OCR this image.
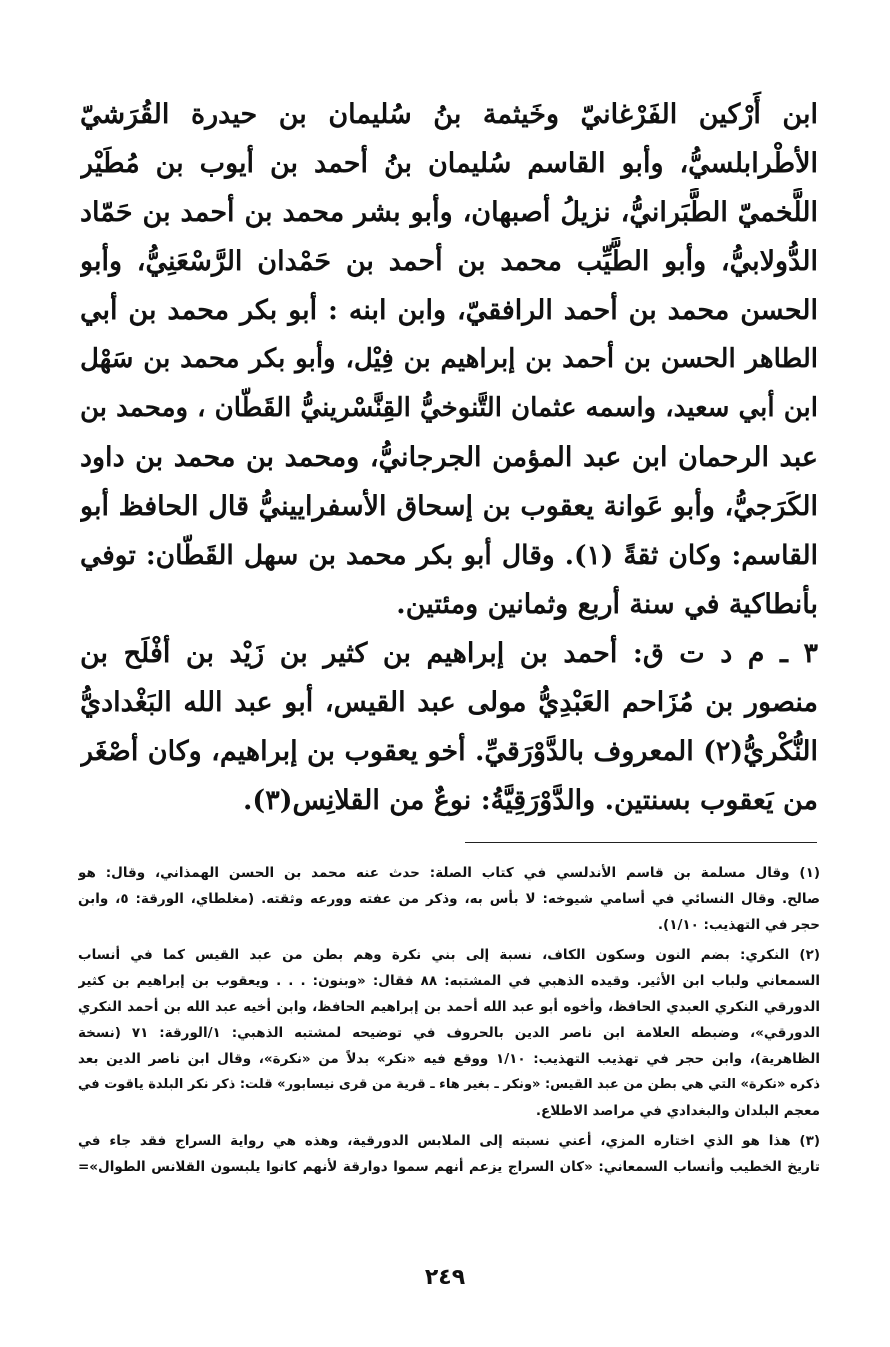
ابن أَرْكين الفَرْغانيّ وخَيثمة بنُ سُليمان بن حيدرة القُرَشيّ
الأطْرابلسيُّ، وأبو القاسم سُليمان بنُ أحمد بن أيوب بن مُطَيْر
اللَّخميّ الطَّبَرانيُّ، نزيلُ أصبهان، وأبو بشر محمد بن أحمد بن حَمّاد
الدُّولابيُّ، وأبو الطَّيِّب محمد بن أحمد بن حَمْدان الرَّسْعَنِيُّ، وأبو
الحسن محمد بن أحمد الرافقيّ، وابن ابنه : أبو بكر محمد بن أبي
الطاهر الحسن بن أحمد بن إبراهيم بن فِيْل، وأبو بكر محمد بن سَهْل
ابن أبي سعيد، واسمه عثمان التَّنوخيُّ القِنَّسْرينيُّ القَطّان ، ومحمد بن
عبد الرحمان ابن عبد المؤمن الجرجانيُّ، ومحمد بن محمد بن داود
الكَرَجيُّ، وأبو عَوانة يعقوب بن إسحاق الأسفرايينيُّ قال الحافظ أبو
القاسم: وكان ثقةً (١). وقال أبو بكر محمد بن سهل القَطّان: توفي
بأنطاكية في سنة أربع وثمانين ومئتين.
٣ ـ م د ت ق: أحمد بن إبراهيم بن كثير بن زَيْد بن أفْلَح بن
منصور بن مُزَاحم العَبْدِيُّ مولى عبد القيس، أبو عبد الله البَغْداديُّ
النُّكْريُّ(٢) المعروف بالدَّوْرَقيِّ. أخو يعقوب بن إبراهيم، وكان أصْغَر
من يَعقوب بسنتين. والدَّوْرَقِيَّةُ: نوعٌ من القلانِس(٣).
(١) وقال مسلمة بن قاسم الأندلسي في كتاب الصلة: حدث عنه محمد بن الحسن الهمذاني، وقال: هو
صالح. وقال النسائي في أسامي شيوخه: لا بأس به، وذكر من عفته وورعه وثقته. (مغلطاي، الورقة: ٥، وابن
حجر في التهذيب: ١/١٠).
(٢) النكري: بضم النون وسكون الكاف، نسبة إلى بني نكرة وهم بطن من عبد القيس كما في أنساب
السمعاني ولباب ابن الأثير. وقيده الذهبي في المشتبه: ٨٨ فقال: «وبنون: . . . ويعقوب بن إبراهيم بن كثير
الدورقي النكري العبدي الحافظ، وأخوه أبو عبد الله أحمد بن إبراهيم الحافظ، وابن أخيه عبد الله بن أحمد النكري
الدورقي»، وضبطه العلامة ابن ناصر الدين بالحروف في توضيحه لمشتبه الذهبي: ١/الورقة: ٧١ (نسخة
الظاهرية)، وابن حجر في تهذيب التهذيب: ١/١٠ ووقع فيه «نكر» بدلاً من «نكرة»، وقال ابن ناصر الدين بعد
ذكره «نكرة» التي هي بطن من عبد القيس: «ونكر ـ بغير هاء ـ قرية من قرى نيسابور» قلت: ذكر نكر البلدة ياقوت في
معجم البلدان والبغدادي في مراصد الاطلاع.
(٣) هذا هو الذي اختاره المزي، أعني نسبته إلى الملابس الدورقية، وهذه هي رواية السراج فقد جاء في
تاريخ الخطيب وأنساب السمعاني: «كان السراج يزعم أنهم سموا دوارقة لأنهم كانوا يلبسون القلانس الطوال»=
٢٤٩
